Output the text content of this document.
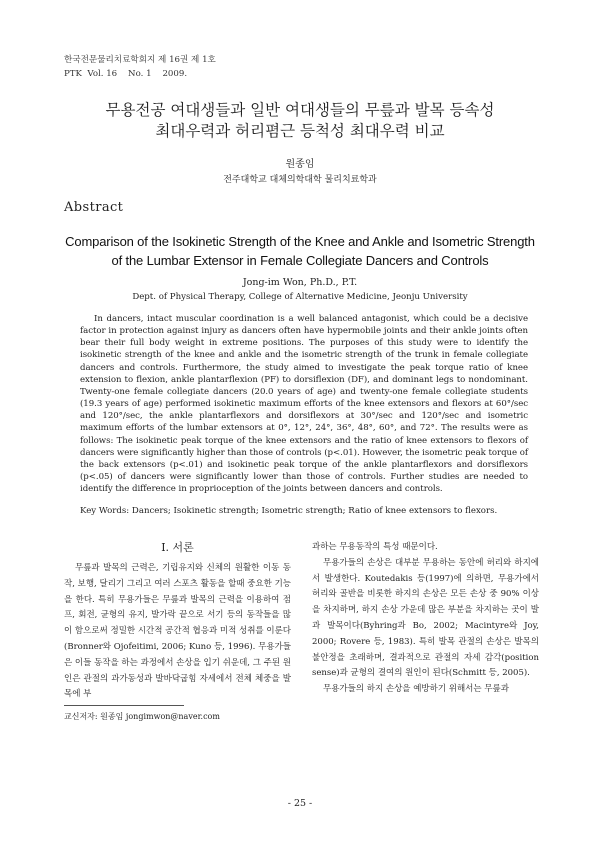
한국전문물리치료학회지 제 16권 제 1호
PTK  Vol. 16    No. 1    2009.
무용전공 여대생들과 일반 여대생들의 무릎과 발목 등속성
최대우력과 허리폄근 등척성 최대우력 비교
원종임
전주대학교 대체의학대학 물리치료학과
Abstract
Comparison of the Isokinetic Strength of the Knee and Ankle and Isometric Strength
of the Lumbar Extensor in Female Collegiate Dancers and Controls
Jong-im Won, Ph.D., P.T.
Dept. of Physical Therapy, College of Alternative Medicine, Jeonju University
In dancers, intact muscular coordination is a well balanced antagonist, which could be a decisive factor in protection against injury as dancers often have hypermobile joints and their ankle joints often bear their full body weight in extreme positions. The purposes of this study were to identify the isokinetic strength of the knee and ankle and the isometric strength of the trunk in female collegiate dancers and controls. Furthermore, the study aimed to investigate the peak torque ratio of knee extension to flexion, ankle plantarflexion (PF) to dorsiflexion (DF), and dominant legs to nondominant. Twenty-one female collegiate dancers (20.0 years of age) and twenty-one female collegiate students (19.3 years of age) performed isokinetic maximum efforts of the knee extensors and flexors at 60°/sec and 120°/sec, the ankle plantarflexors and dorsiflexors at 30°/sec and 120°/sec and isometric maximum efforts of the lumbar extensors at 0°, 12°, 24°, 36°, 48°, 60°, and 72°. The results were as follows: The isokinetic peak torque of the knee extensors and the ratio of knee extensors to flexors of dancers were significantly higher than those of controls (p<.01). However, the isometric peak torque of the back extensors (p<.01) and isokinetic peak torque of the ankle plantarflexors and dorsiflexors (p<.05) of dancers were significantly lower than those of controls. Further studies are needed to identify the difference in proprioception of the joints between dancers and controls.
Key Words: Dancers; Isokinetic strength; Isometric strength; Ratio of knee extensors to flexors.
Ⅰ. 서론

무릎과 발목의 근력은, 기립유지와 신체의 원활한 이동 동작, 보행, 달리기 그리고 여러 스포츠 활동을 할때 중요한 기능을 한다. 특히 무용가들은 무릎과 발목의 근력을 이용하여 점프, 회전, 균형의 유지, 발가락 끝으로 서기 등의 동작들을 많이 함으로써 정밀한 시간적 공간적 협응과 미적 성취를 이룬다(Bronner와 Ojofeitimi, 2006; Kuno 등, 1996). 무용가들은 이들 동작을 하는 과정에서 손상을 입기 쉬운데, 그 주된 원인은 관절의 과가동성과 발바닥굽힘 자세에서 전체 체중을 발목에 부

과하는 무용동작의 특성 때문이다.

무용가들의 손상은 대부분 무용하는 동안에 허리와 하지에서 발생한다. Koutedakis 등(1997)에 의하면, 무용가에서 허리와 골반을 비롯한 하지의 손상은 모든 손상 중 90% 이상을 차지하며, 하지 손상 가운데 많은 부분을 차지하는 곳이 발과 발목이다(Byhring과 Bo, 2002; Macintyre와 Joy, 2000; Rovere 등, 1983). 특히 발목 관절의 손상은 발목의 불안정을 초래하며, 결과적으로 관절의 자세 감각(position sense)과 균형의 결여의 원인이 된다(Schmitt 등, 2005).

무용가들의 하지 손상을 예방하기 위해서는 무릎과

교신저자: 원종임 jongimwon@naver.com
- 25 -
